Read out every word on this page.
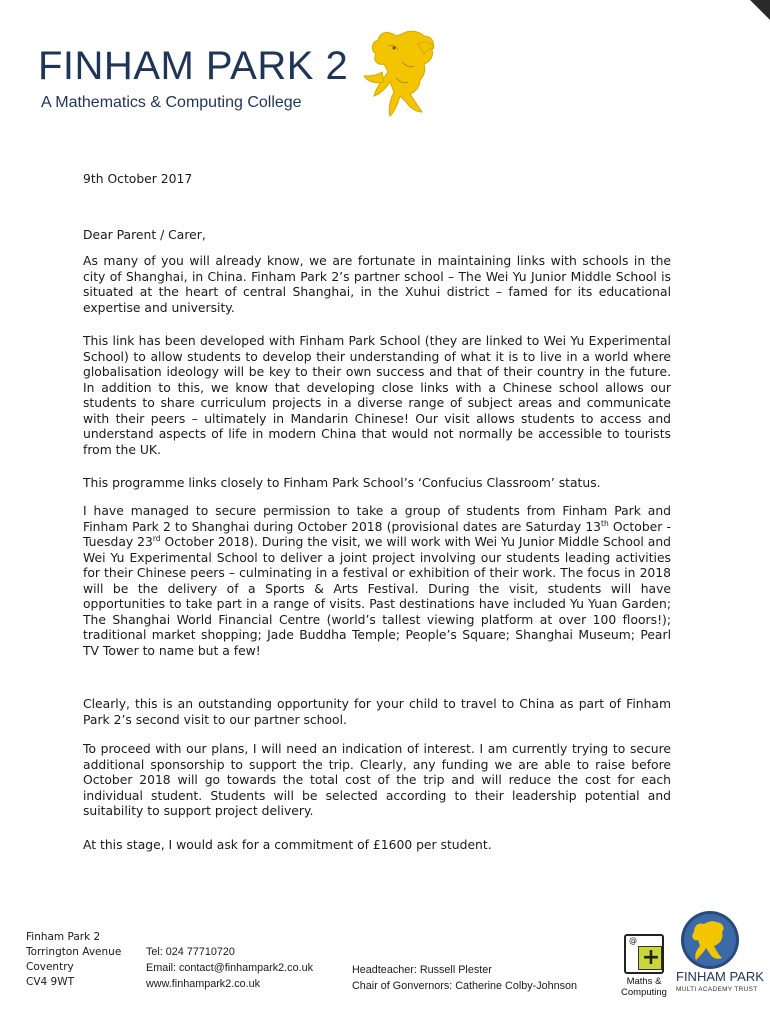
FINHAM PARK 2
A Mathematics & Computing College
9th October 2017
Dear Parent / Carer,

As many of you will already know, we are fortunate in maintaining links with schools in the city of Shanghai, in China. Finham Park 2’s partner school – The Wei Yu Junior Middle School is situated at the heart of central Shanghai, in the Xuhui district – famed for its educational expertise and university.

This link has been developed with Finham Park School (they are linked to Wei Yu Experimental School) to allow students to develop their understanding of what it is to live in a world where globalisation ideology will be key to their own success and that of their country in the future. In addition to this, we know that developing close links with a Chinese school allows our students to share curriculum projects in a diverse range of subject areas and communicate with their peers – ultimately in Mandarin Chinese! Our visit allows students to access and understand aspects of life in modern China that would not normally be accessible to tourists from the UK.

This programme links closely to Finham Park School’s ‘Confucius Classroom’ status.

I have managed to secure permission to take a group of students from Finham Park and Finham Park 2 to Shanghai during October 2018 (provisional dates are Saturday 13th October - Tuesday 23rd October 2018). During the visit, we will work with Wei Yu Junior Middle School and Wei Yu Experimental School to deliver a joint project involving our students leading activities for their Chinese peers – culminating in a festival or exhibition of their work. The focus in 2018 will be the delivery of a Sports & Arts Festival. During the visit, students will have opportunities to take part in a range of visits. Past destinations have included Yu Yuan Garden; The Shanghai World Financial Centre (world’s tallest viewing platform at over 100 floors!); traditional market shopping; Jade Buddha Temple; People’s Square; Shanghai Museum; Pearl TV Tower to name but a few!

Clearly, this is an outstanding opportunity for your child to travel to China as part of Finham Park 2’s second visit to our partner school.

To proceed with our plans, I will need an indication of interest. I am currently trying to secure additional sponsorship to support the trip. Clearly, any funding we are able to raise before October 2018 will go towards the total cost of the trip and will reduce the cost for each individual student. Students will be selected according to their leadership potential and suitability to support project delivery.

At this stage, I would ask for a commitment of £1600 per student.

Finham Park 2
Torrington Avenue
Coventry
CV4 9WT
Tel: 024 77710720
Email: contact@finhampark2.co.uk
www.finhampark2.co.uk
Headteacher: Russell Plester
Chair of Gonvernors: Catherine Colby-Johnson
@
+
Maths &
Computing
FINHAM PARK
MULTI ACADEMY TRUST
